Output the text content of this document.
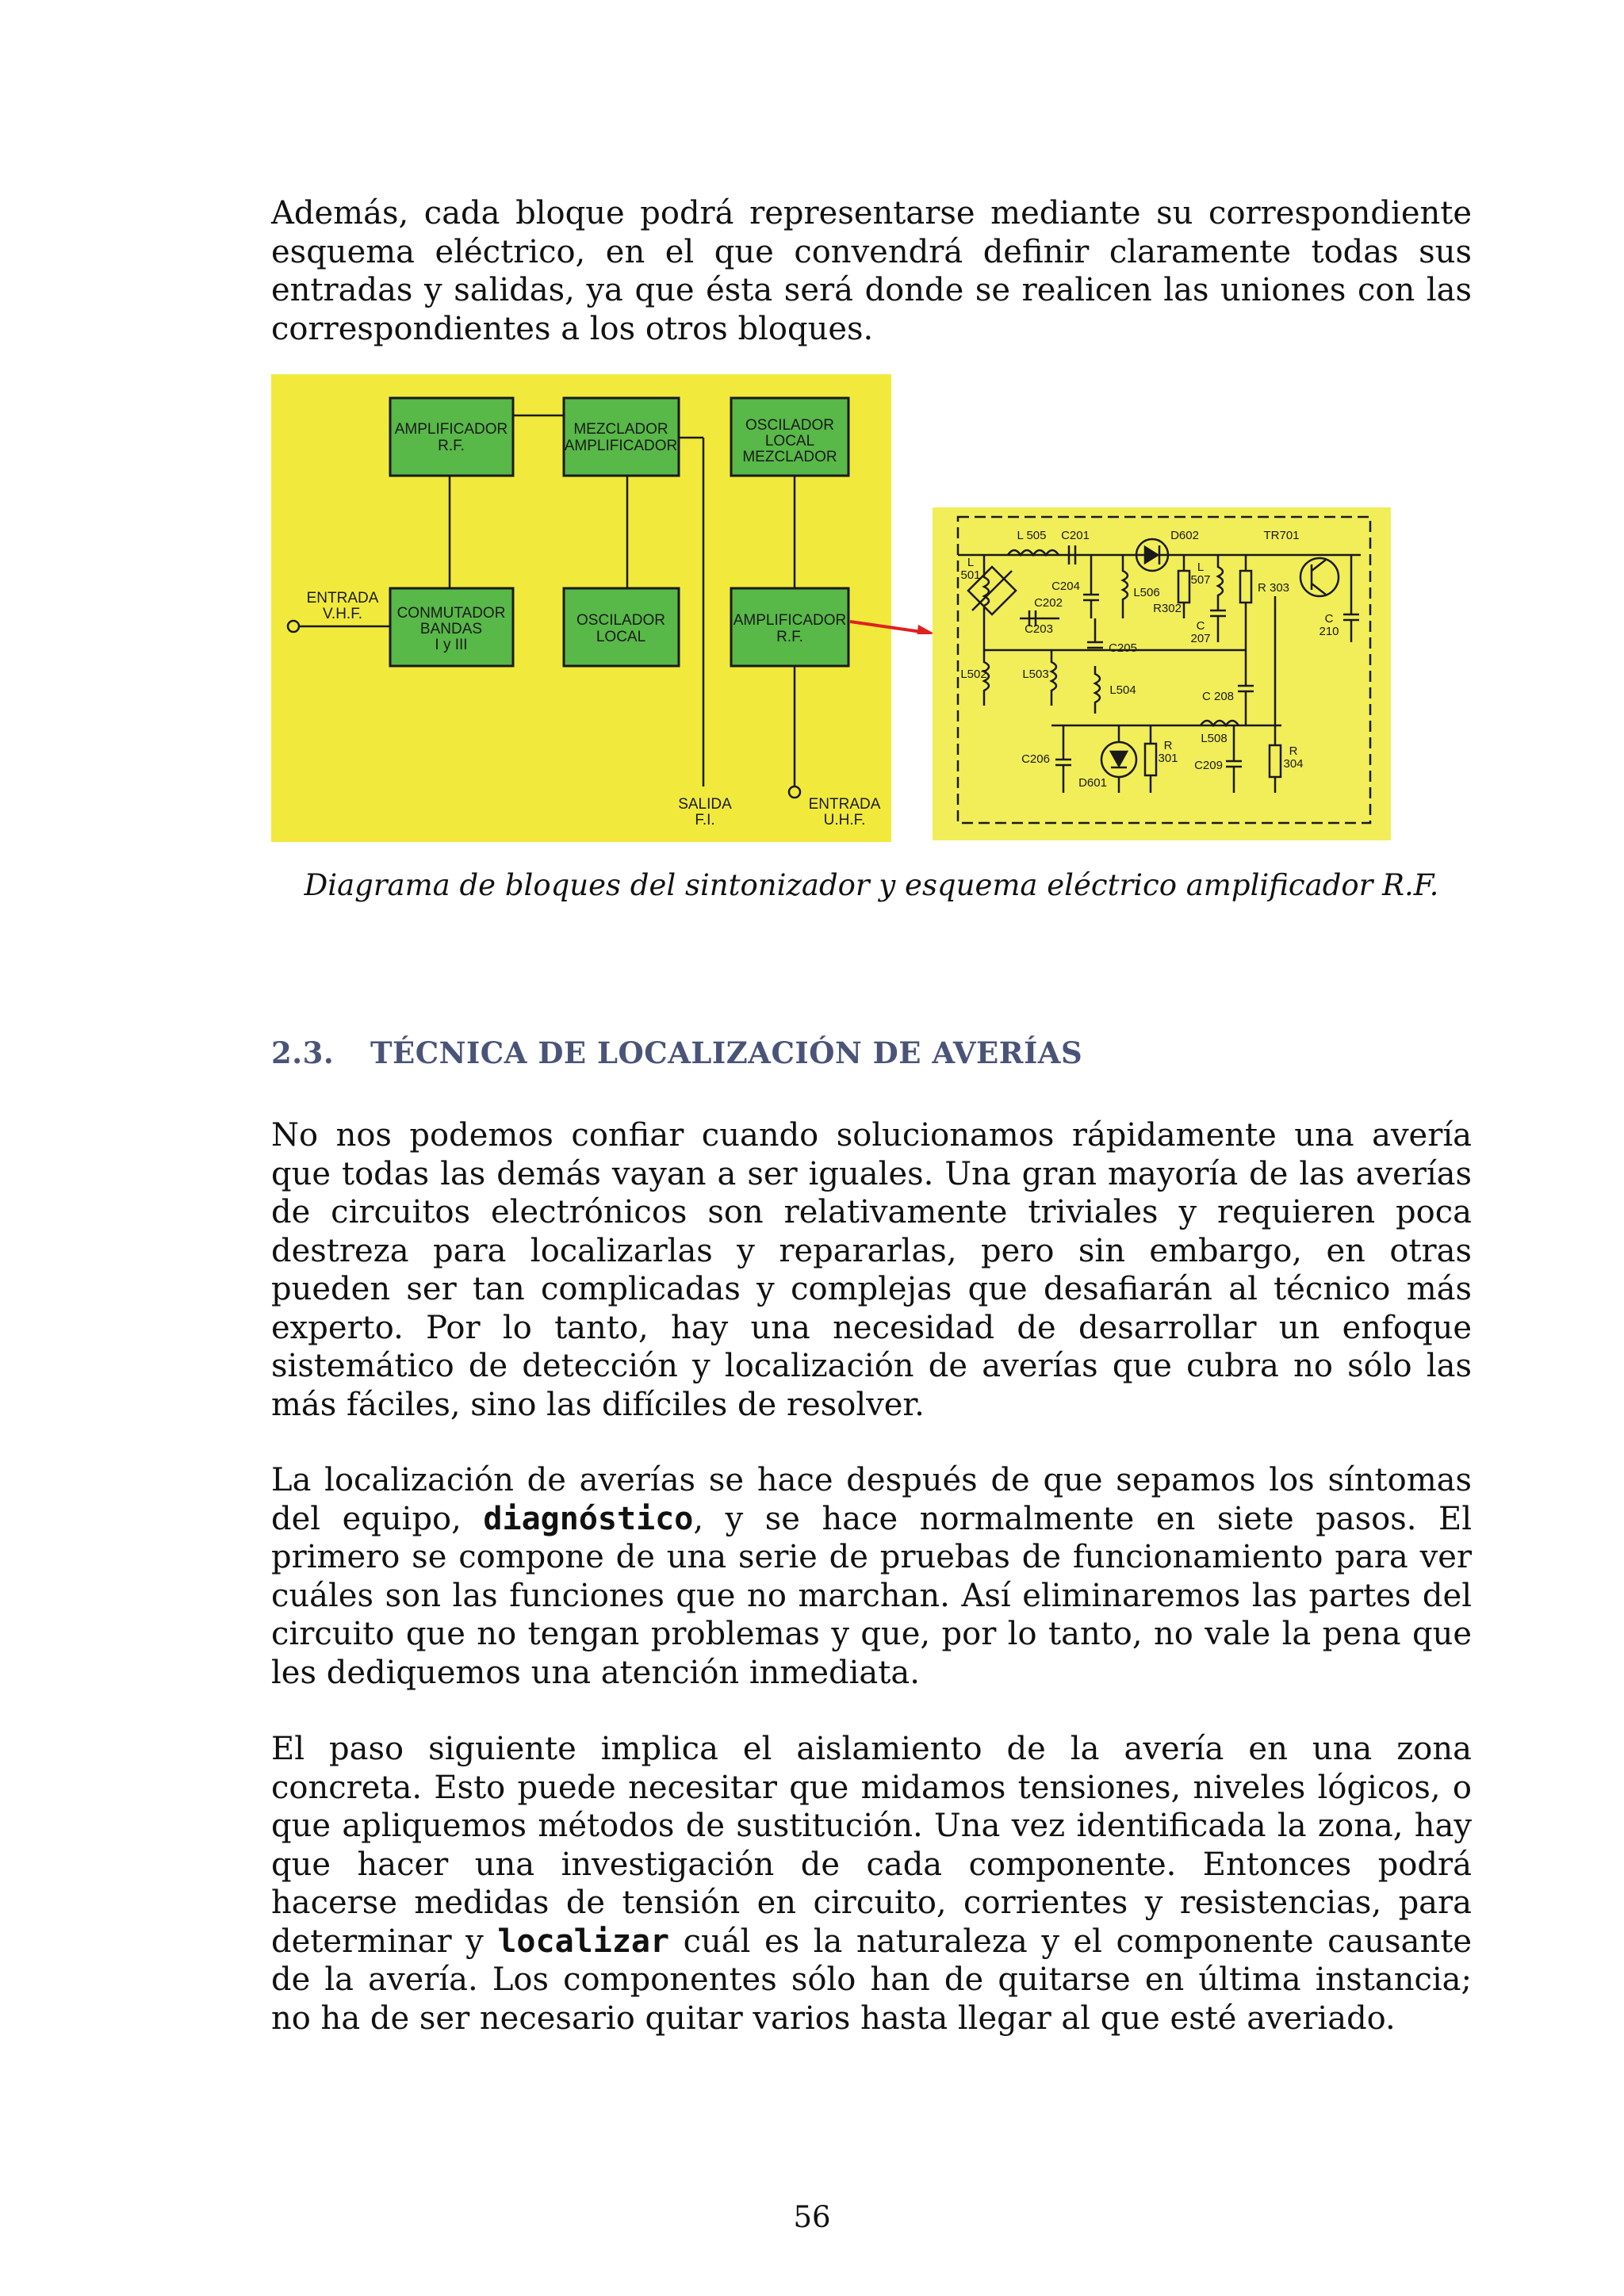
Además, cada bloque podrá representarse mediante su correspondiente esquema eléctrico, en el que convendrá definir claramente todas sus entradas y salidas, ya que ésta será donde se realicen las uniones con las correspondientes a los otros bloques.

AMPLIFICADOR
R.F.
MEZCLADOR
AMPLIFICADOR
OSCILADOR
LOCAL
MEZCLADOR
CONMUTADOR
BANDAS
I y III
OSCILADOR
LOCAL
AMPLIFICADOR
R.F.
ENTRADA
V.H.F.
SALIDA
F.I.
ENTRADA
U.H.F.
L 505 C201	D602	TR701
L
501
C204
C202
C203
L506
L
507
R302
R 303
C
207
C
210
L502	L503
C205
L504	C 208
L508
C206
R
301
C209
R
304
D601

Diagrama de bloques del sintonizador y esquema eléctrico amplificador R.F.

2.3. TÉCNICA DE LOCALIZACIÓN DE AVERÍAS

No nos podemos confiar cuando solucionamos rápidamente una avería que todas las demás vayan a ser iguales. Una gran mayoría de las averías de circuitos electrónicos son relativamente triviales y requieren poca destreza para localizarlas y repararlas, pero sin embargo, en otras pueden ser tan complicadas y complejas que desafiarán al técnico más experto. Por lo tanto, hay una necesidad de desarrollar un enfoque sistemático de detección y localización de averías que cubra no sólo las más fáciles, sino las difíciles de resolver.

La localización de averías se hace después de que sepamos los síntomas del equipo, diagnóstico, y se hace normalmente en siete pasos. El primero se compone de una serie de pruebas de funcionamiento para ver cuáles son las funciones que no marchan. Así eliminaremos las partes del circuito que no tengan problemas y que, por lo tanto, no vale la pena que les dediquemos una atención inmediata.

El paso siguiente implica el aislamiento de la avería en una zona concreta. Esto puede necesitar que midamos tensiones, niveles lógicos, o que apliquemos métodos de sustitución. Una vez identificada la zona, hay que hacer una investigación de cada componente. Entonces podrá hacerse medidas de tensión en circuito, corrientes y resistencias, para determinar y localizar cuál es la naturaleza y el componente causante de la avería. Los componentes sólo han de quitarse en última instancia; no ha de ser necesario quitar varios hasta llegar al que esté averiado.

56
